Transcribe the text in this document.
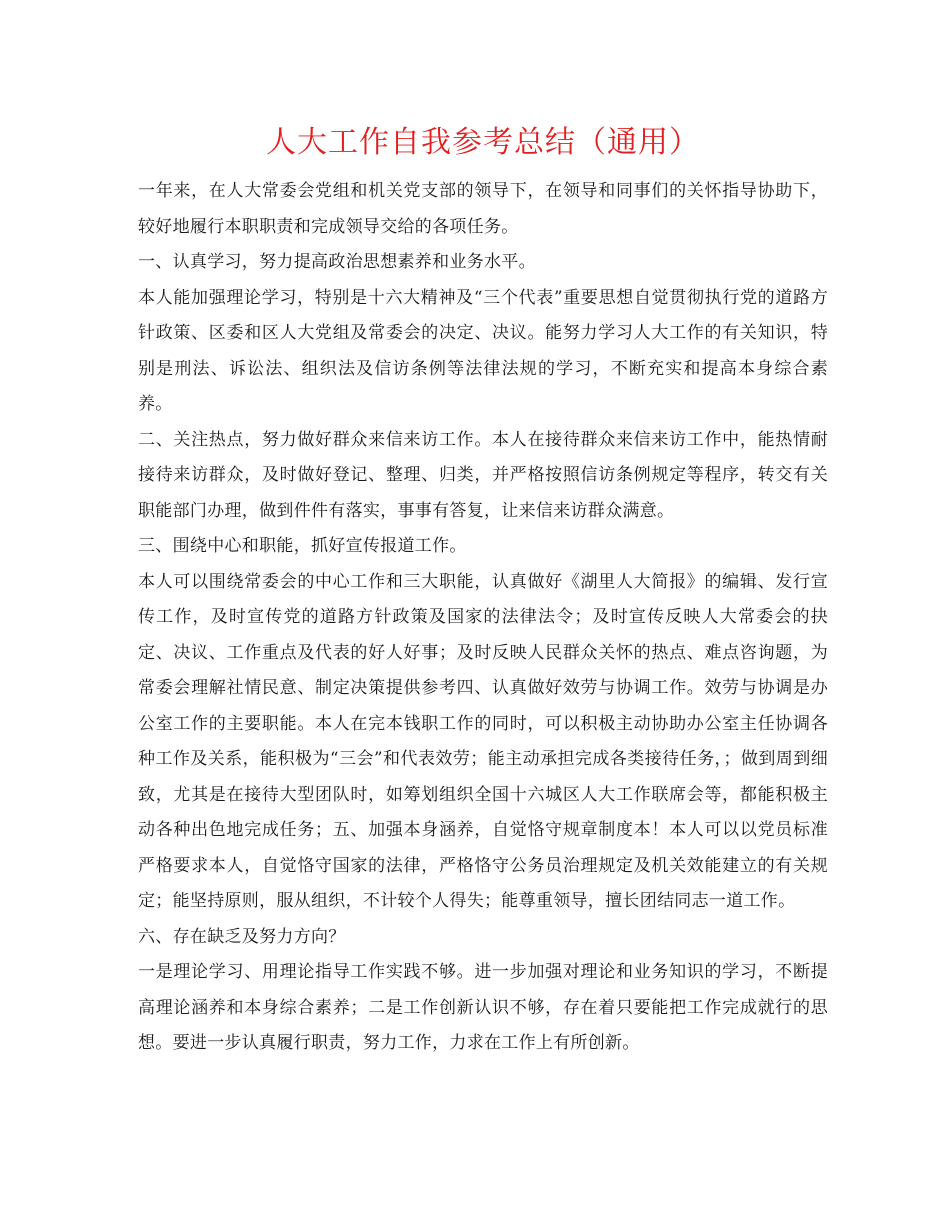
人大工作自我参考总结（通用）

一年来，在人大常委会党组和机关党支部的领导下，在领导和同事们的关怀指导协助下，较好地履行本职职责和完成领导交给的各项任务。

一、认真学习，努力提高政治思想素养和业务水平。

本人能加强理论学习，特别是十六大精神及“三个代表”重要思想自觉贯彻执行党的道路方针政策、区委和区人大党组及常委会的决定、决议。能努力学习人大工作的有关知识，特别是刑法、诉讼法、组织法及信访条例等法律法规的学习，不断充实和提高本身综合素养。

二、关注热点，努力做好群众来信来访工作。本人在接待群众来信来访工作中，能热情耐接待来访群众，及时做好登记、整理、归类，并严格按照信访条例规定等程序，转交有关职能部门办理，做到件件有落实，事事有答复，让来信来访群众满意。

三、围绕中心和职能，抓好宣传报道工作。

本人可以围绕常委会的中心工作和三大职能，认真做好《湖里人大简报》的编辑、发行宣传工作，及时宣传党的道路方针政策及国家的法律法令；及时宣传反映人大常委会的抉定、决议、工作重点及代表的好人好事；及时反映人民群众关怀的热点、难点咨询题，为常委会理解社情民意、制定决策提供参考四、认真做好效劳与协调工作。效劳与协调是办公室工作的主要职能。本人在完本钱职工作的同时，可以积极主动协助办公室主任协调各种工作及关系，能积极为“三会”和代表效劳；能主动承担完成各类接待任务，；做到周到细致，尤其是在接待大型团队时，如筹划组织全国十六城区人大工作联席会等，都能积极主动各种出色地完成任务；五、加强本身涵养，自觉恪守规章制度本！本人可以以党员标准严格要求本人，自觉恪守国家的法律，严格恪守公务员治理规定及机关效能建立的有关规定；能坚持原则，服从组织，不计较个人得失；能尊重领导，擅长团结同志一道工作。

六、存在缺乏及努力方向？

一是理论学习、用理论指导工作实践不够。进一步加强对理论和业务知识的学习，不断提高理论涵养和本身综合素养；二是工作创新认识不够，存在着只要能把工作完成就行的思想。要进一步认真履行职责，努力工作，力求在工作上有所创新。
